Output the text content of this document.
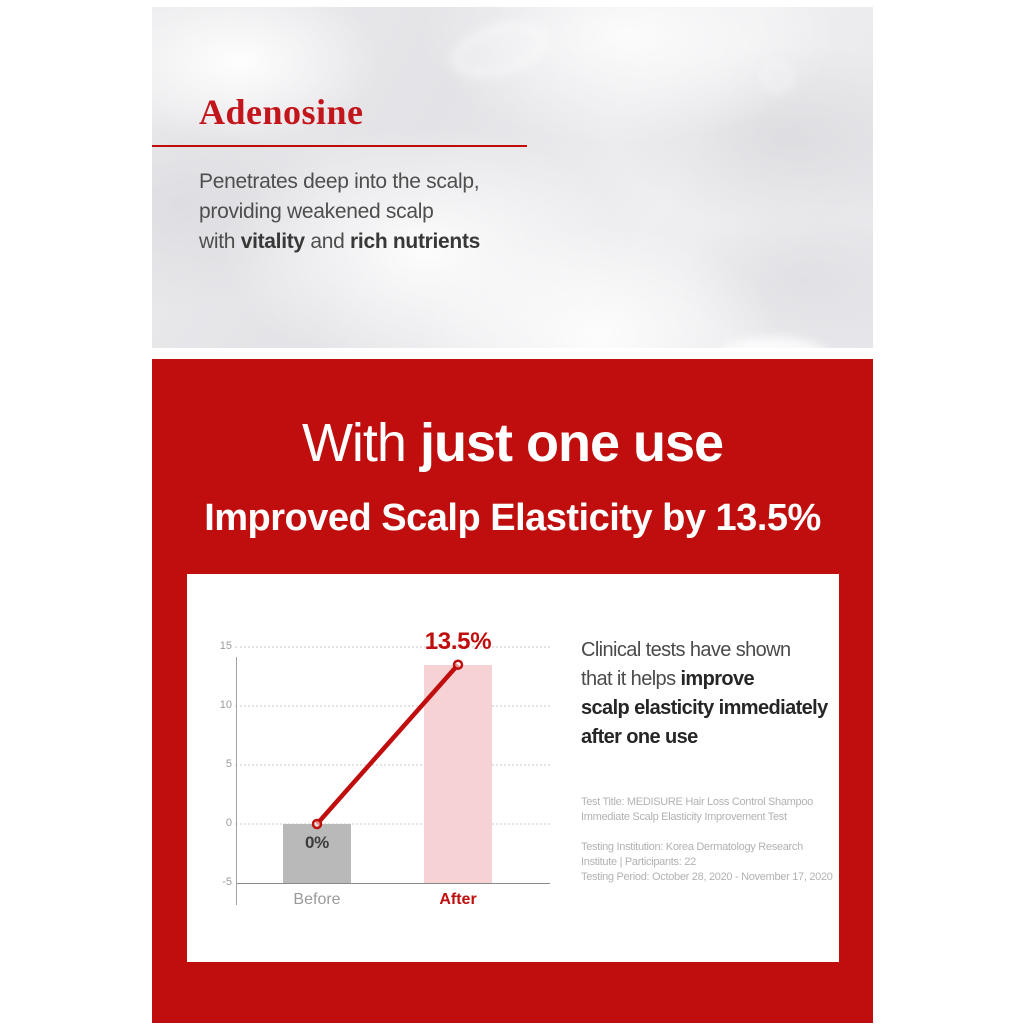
Adenosine
Penetrates deep into the scalp,
providing weakened scalp
with vitality and rich nutrients
With just one use
Improved Scalp Elasticity by 13.5%
15
10
5
0
-5
0%
Before
13.5%
After
Clinical tests have shown
that it helps improve
scalp elasticity immediately
after one use
Test Title: MEDISURE Hair Loss Control Shampoo
Immediate Scalp Elasticity Improvement Test
Testing Institution: Korea Dermatology Research
Institute | Participants: 22
Testing Period: October 28, 2020 - November 17, 2020
